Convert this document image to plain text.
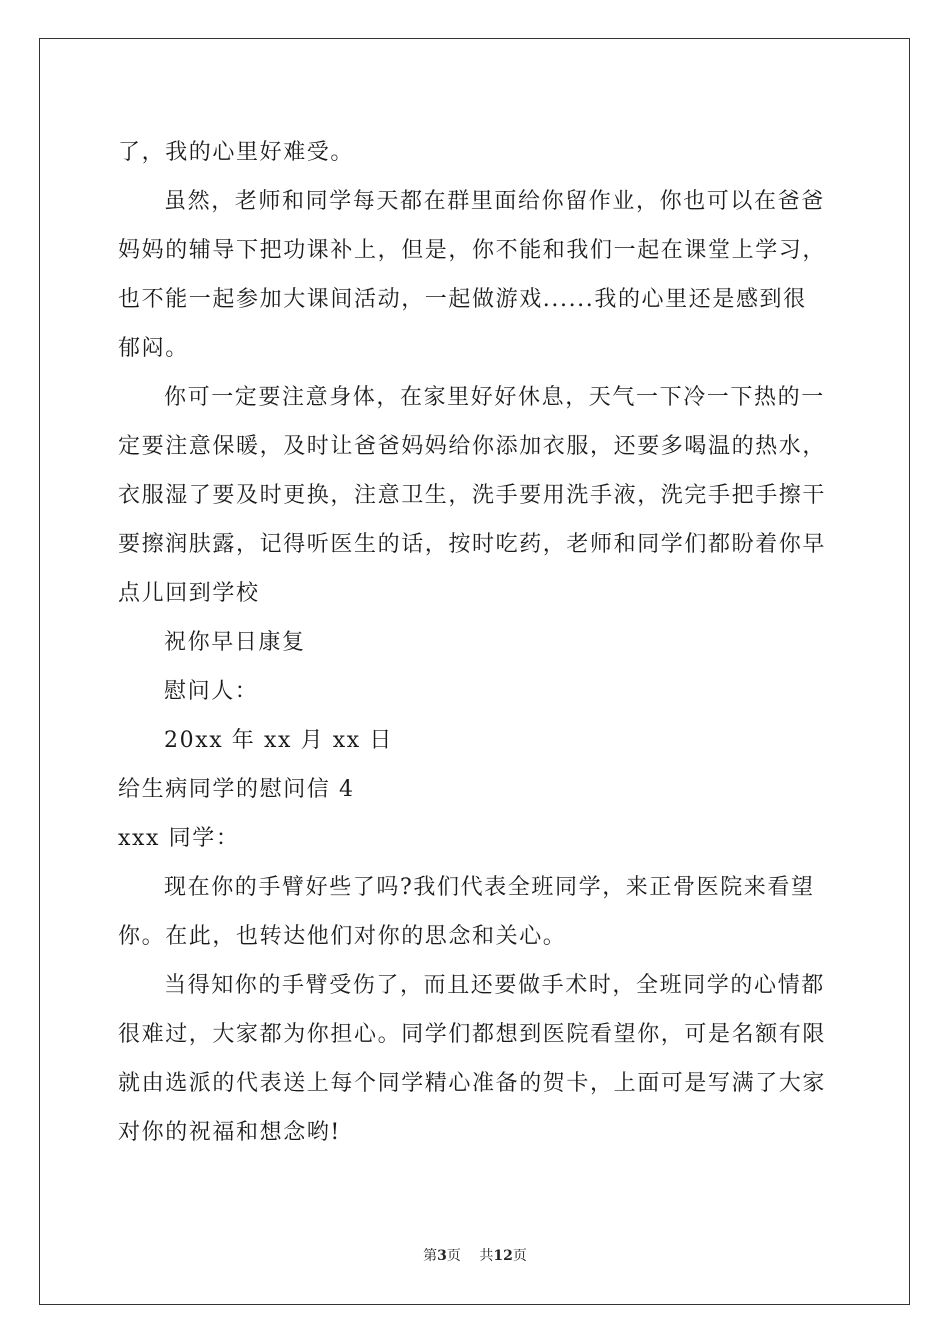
了，我的心里好难受。
虽然，老师和同学每天都在群里面给你留作业，你也可以在爸爸
妈妈的辅导下把功课补上，但是，你不能和我们一起在课堂上学习，
也不能一起参加大课间活动，一起做游戏......我的心里还是感到很
郁闷。
你可一定要注意身体，在家里好好休息，天气一下冷一下热的一
定要注意保暖，及时让爸爸妈妈给你添加衣服，还要多喝温的热水，
衣服湿了要及时更换，注意卫生，洗手要用洗手液，洗完手把手擦干
要擦润肤露，记得听医生的话，按时吃药，老师和同学们都盼着你早
点儿回到学校
祝你早日康复
慰问人：
20xx 年 xx 月 xx 日
给生病同学的慰问信 4
xxx 同学：
现在你的手臂好些了吗?我们代表全班同学，来正骨医院来看望
你。在此，也转达他们对你的思念和关心。
当得知你的手臂受伤了，而且还要做手术时，全班同学的心情都
很难过，大家都为你担心。同学们都想到医院看望你，可是名额有限
就由选派的代表送上每个同学精心准备的贺卡，上面可是写满了大家
对你的祝福和想念哟!
第3页 共12页
